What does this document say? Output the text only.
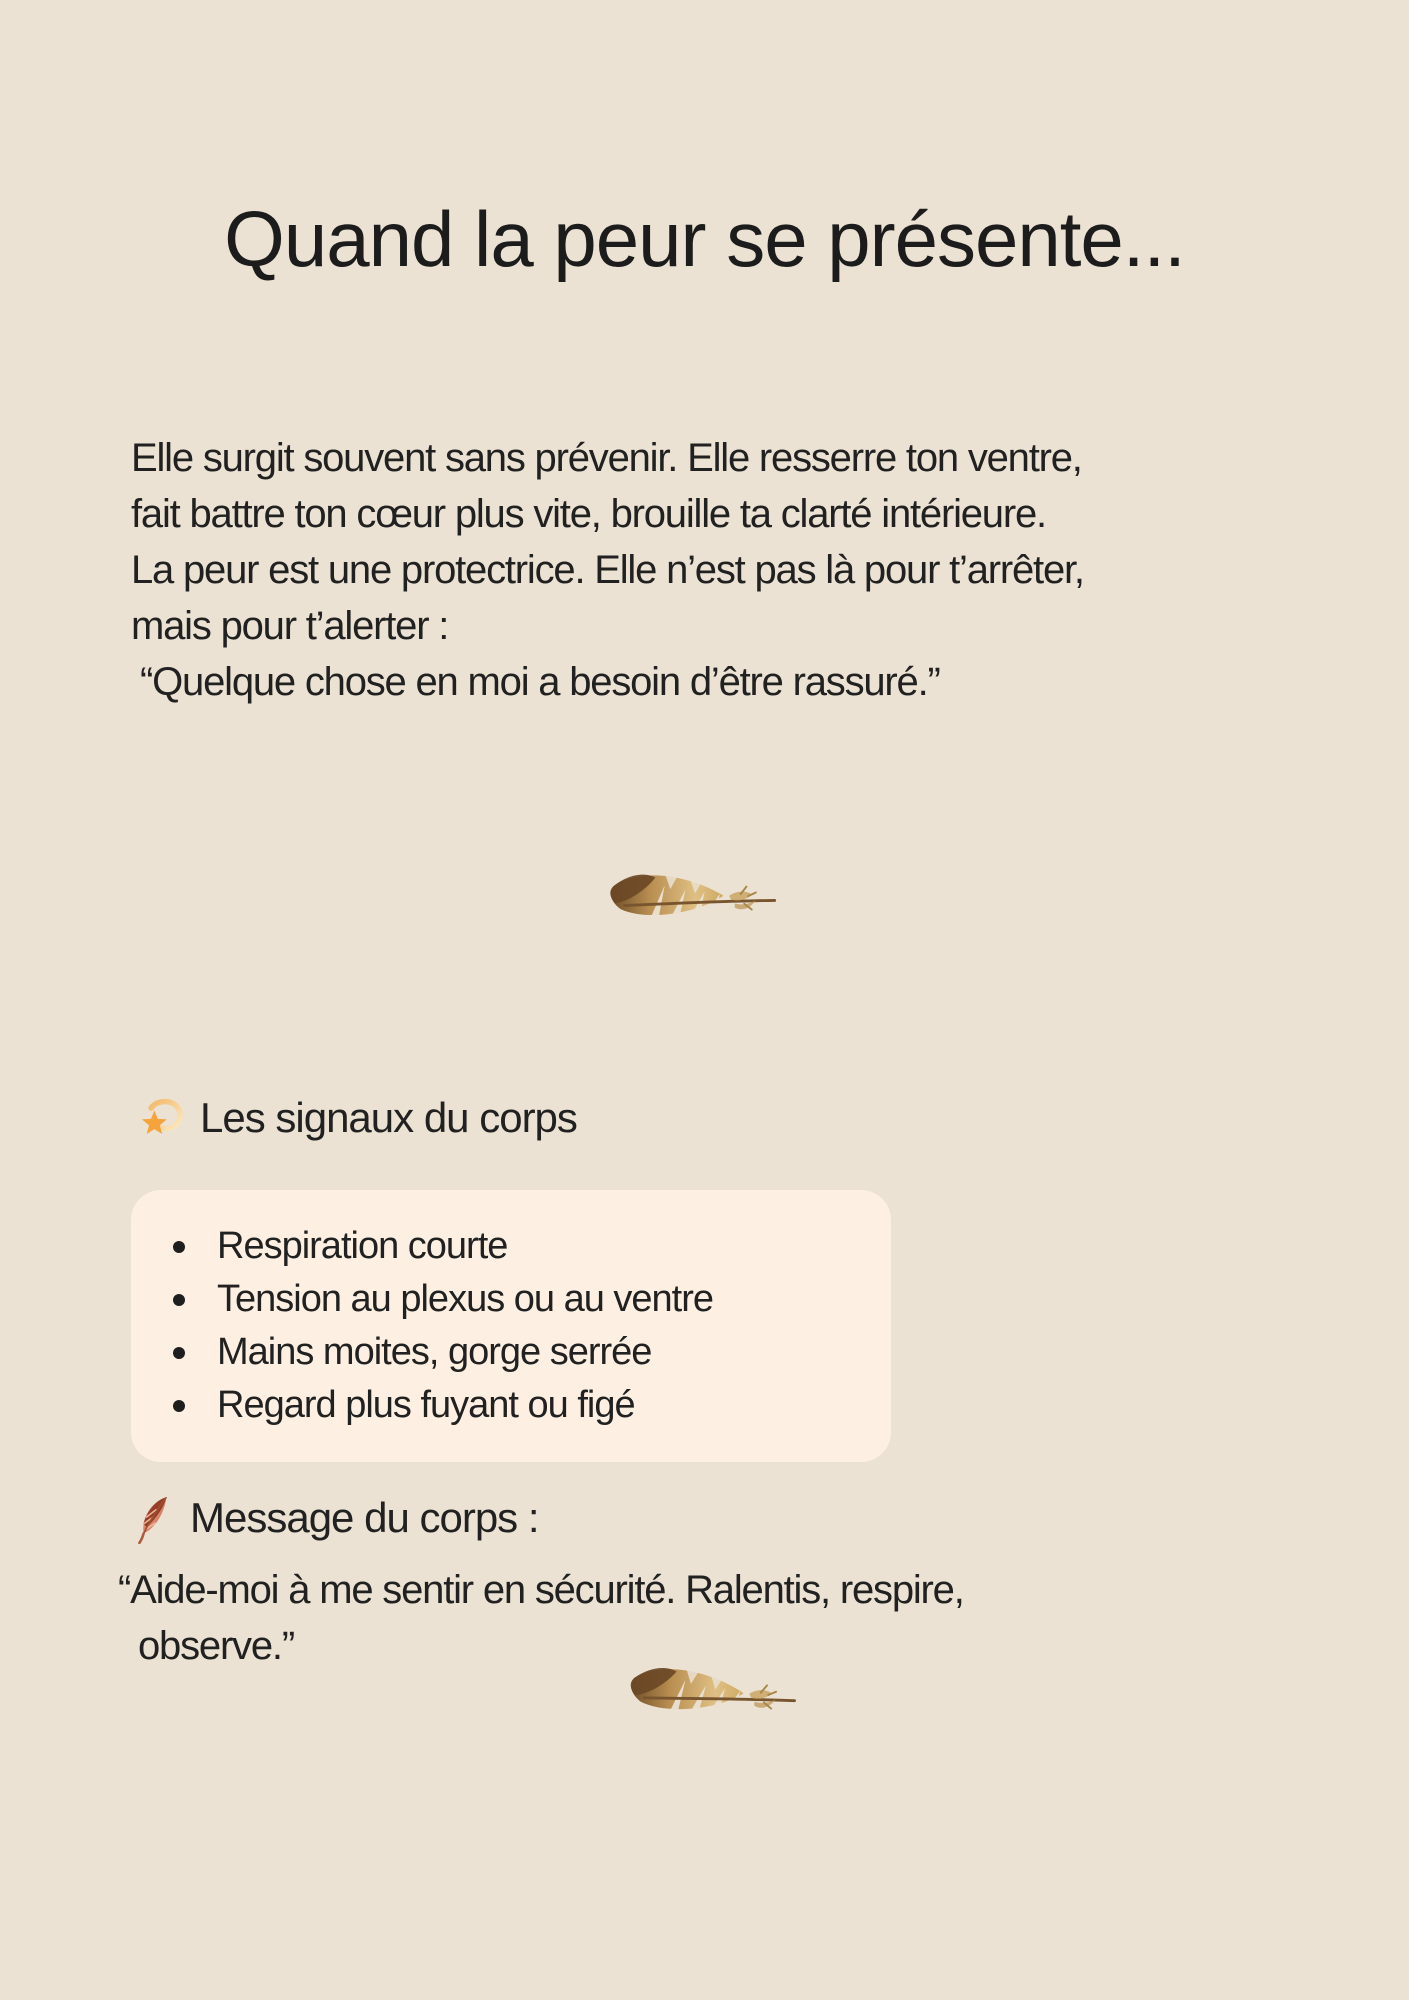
Quand la peur se présente...
Elle surgit souvent sans prévenir. Elle resserre ton ventre,
fait battre ton cœur plus vite, brouille ta clarté intérieure.
La peur est une protectrice. Elle n’est pas là pour t’arrêter,
mais pour t’alerter :
“Quelque chose en moi a besoin d’être rassuré.”
Les signaux du corps
Respiration courte
Tension au plexus ou au ventre
Mains moites, gorge serrée
Regard plus fuyant ou figé
Message du corps :
“Aide-moi à me sentir en sécurité. Ralentis, respire,
observe.”
